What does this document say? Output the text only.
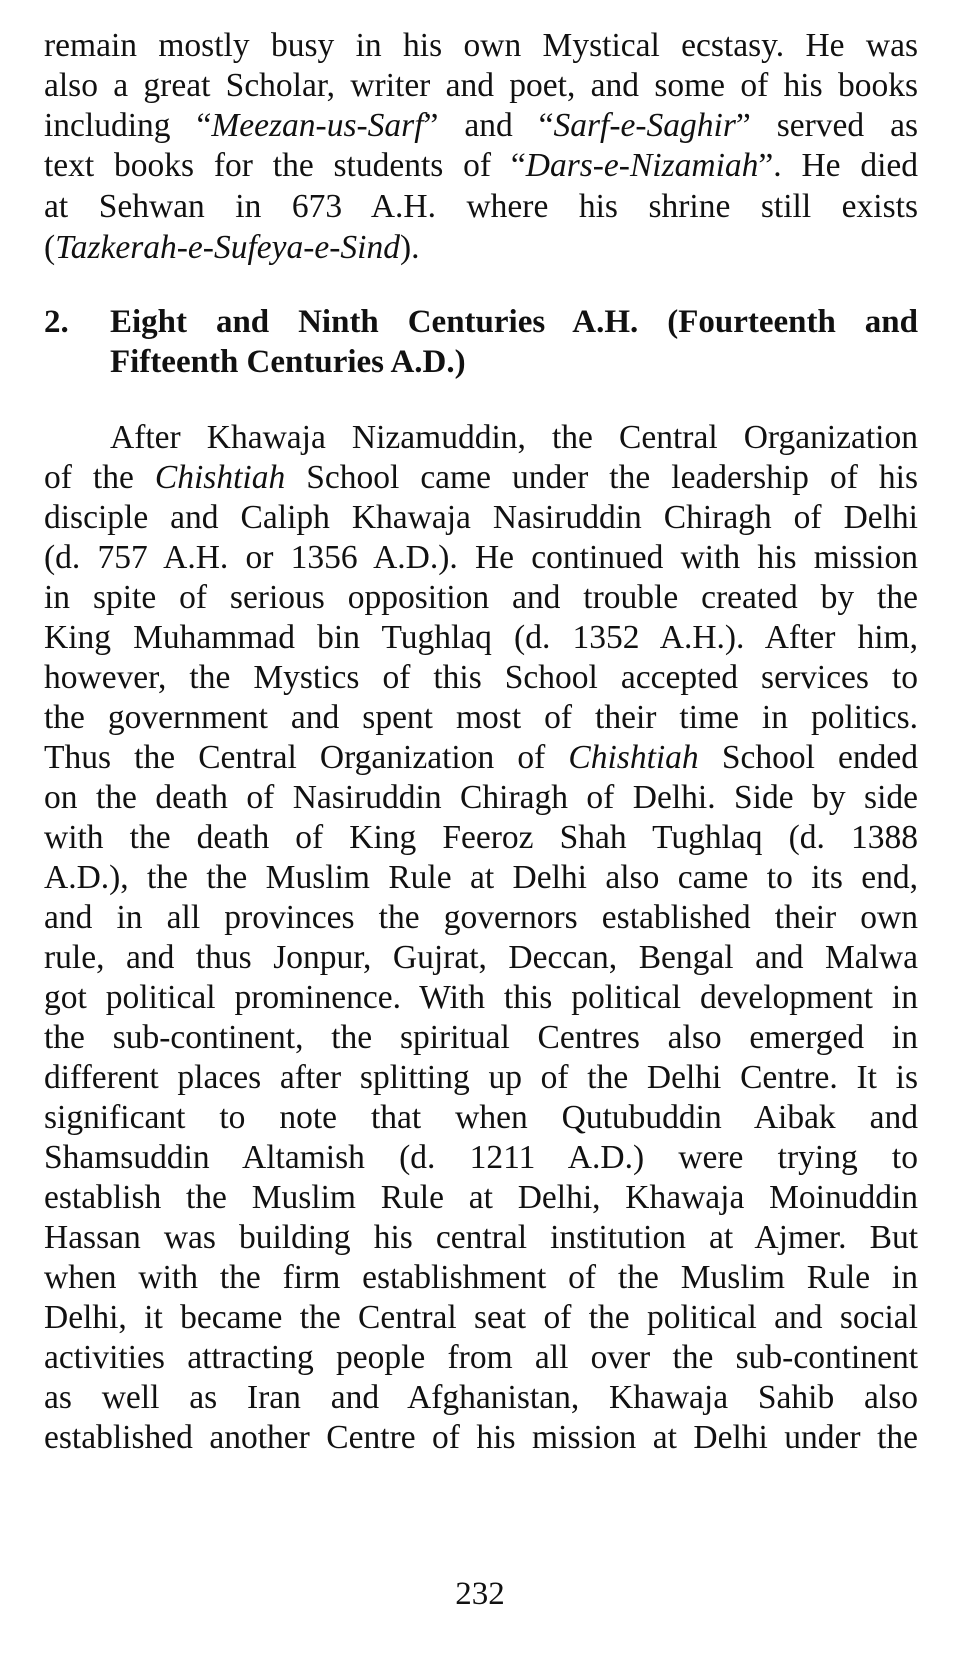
remain mostly busy in his own Mystical ecstasy. He was
also a great Scholar, writer and poet, and some of his books
including “Meezan-us-Sarf” and “Sarf-e-Saghir” served as
text books for the students of “Dars-e-Nizamiah”. He died
at Sehwan in 673 A.H. where his shrine still exists
(Tazkerah-e-Sufeya-e-Sind).
2. Eight and Ninth Centuries A.H. (Fourteenth and
Fifteenth Centuries A.D.)
After Khawaja Nizamuddin, the Central Organization
of the Chishtiah School came under the leadership of his
disciple and Caliph Khawaja Nasiruddin Chiragh of Delhi
(d. 757 A.H. or 1356 A.D.). He continued with his mission
in spite of serious opposition and trouble created by the
King Muhammad bin Tughlaq (d. 1352 A.H.). After him,
however, the Mystics of this School accepted services to
the government and spent most of their time in politics.
Thus the Central Organization of Chishtiah School ended
on the death of Nasiruddin Chiragh of Delhi. Side by side
with the death of King Feeroz Shah Tughlaq (d. 1388
A.D.), the the Muslim Rule at Delhi also came to its end,
and in all provinces the governors established their own
rule, and thus Jonpur, Gujrat, Deccan, Bengal and Malwa
got political prominence. With this political development in
the sub-continent, the spiritual Centres also emerged in
different places after splitting up of the Delhi Centre. It is
significant to note that when Qutubuddin Aibak and
Shamsuddin Altamish (d. 1211 A.D.) were trying to
establish the Muslim Rule at Delhi, Khawaja Moinuddin
Hassan was building his central institution at Ajmer. But
when with the firm establishment of the Muslim Rule in
Delhi, it became the Central seat of the political and social
activities attracting people from all over the sub-continent
as well as Iran and Afghanistan, Khawaja Sahib also
established another Centre of his mission at Delhi under the
232
